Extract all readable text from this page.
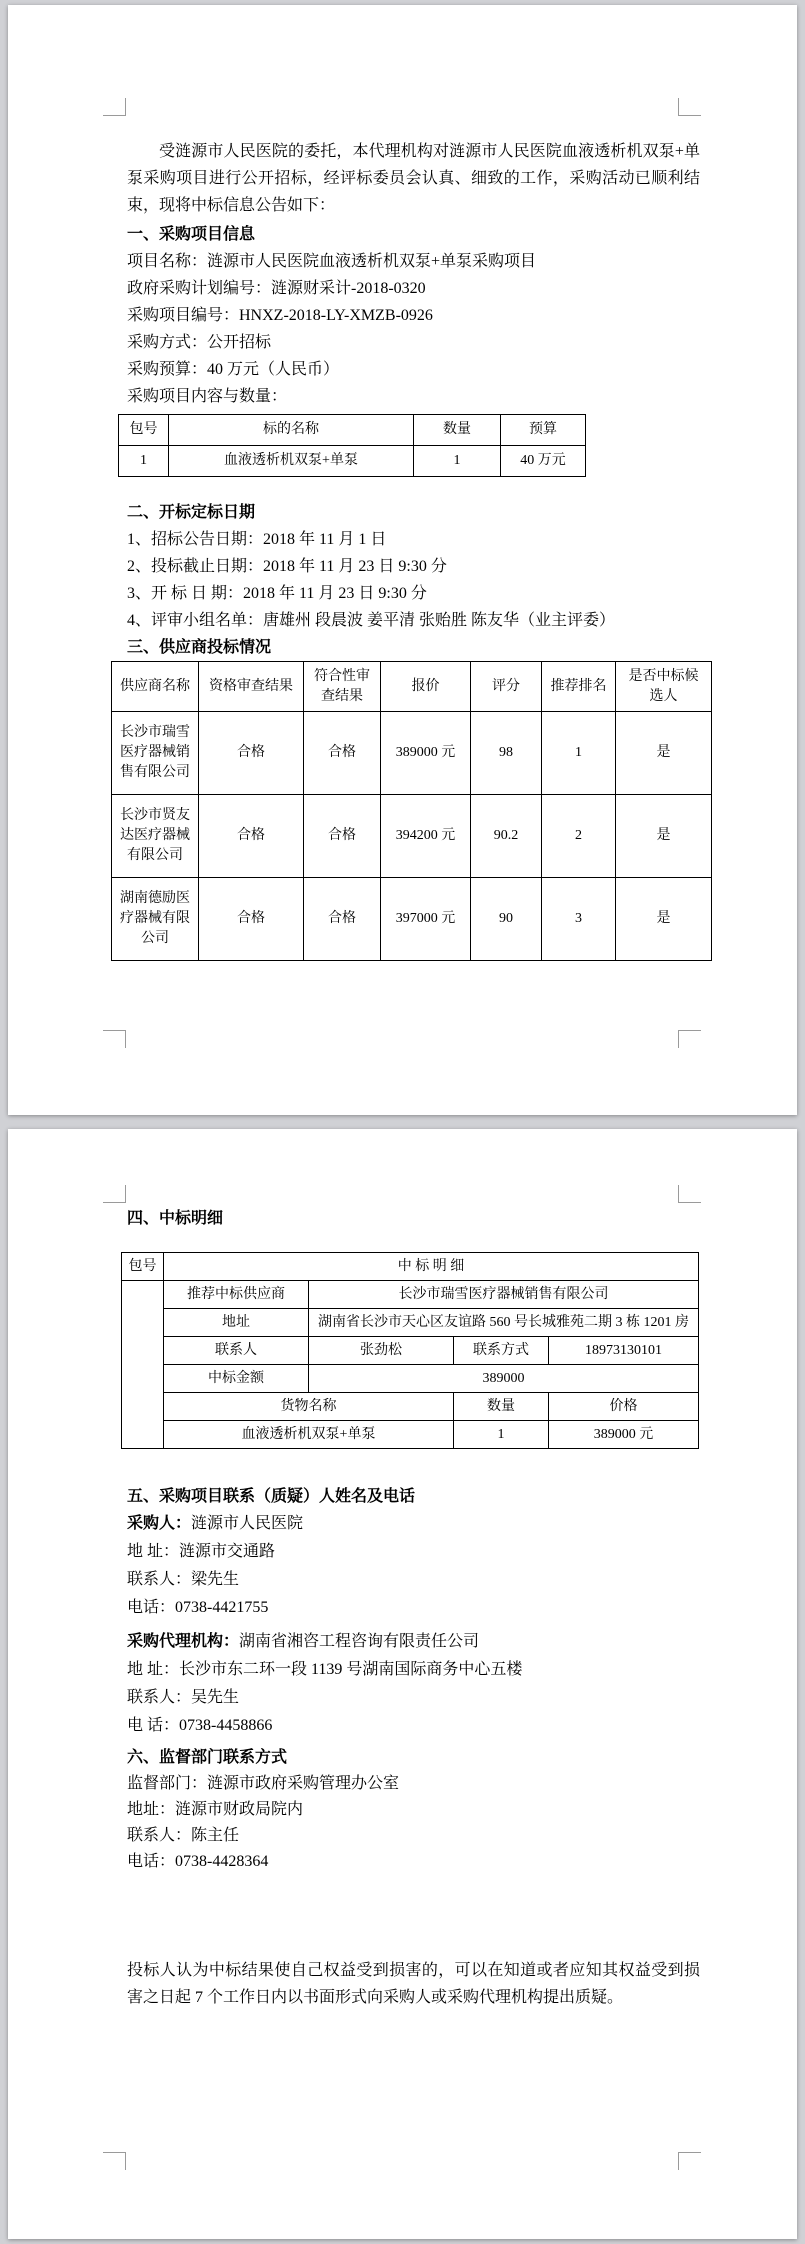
受涟源市人民医院的委托，本代理机构对涟源市人民医院血液透析机双泵+单泵采购项目进行公开招标，经评标委员会认真、细致的工作，采购活动已顺利结束，现将中标信息公告如下：

一、采购项目信息
项目名称：涟源市人民医院血液透析机双泵+单泵采购项目
政府采购计划编号：涟源财采计-2018-0320
采购项目编号：HNXZ-2018-LY-XMZB-0926
采购方式：公开招标
采购预算：40 万元（人民币）
采购项目内容与数量：
包号	标的名称	数量	预算
1	血液透析机双泵+单泵	1	40 万元
二、开标定标日期
1、招标公告日期：2018 年 11 月 1 日
2、投标截止日期：2018 年 11 月 23 日 9:30 分
3、开 标 日 期：2018 年 11 月 23 日 9:30 分
4、评审小组名单：唐雄州 段晨波 姜平清 张贻胜 陈友华（业主评委）
三、供应商投标情况
供应商名称	资格审查结果	符合性审查结果	报价	评分	推荐排名	是否中标候选人
长沙市瑞雪医疗器械销售有限公司	合格	合格	389000 元	98	1	是
长沙市贤友达医疗器械有限公司	合格	合格	394200 元	90.2	2	是
湖南德励医疗器械有限公司	合格	合格	397000 元	90	3	是
四、中标明细
包号	中 标 明 细			
	推荐中标供应商	长沙市瑞雪医疗器械销售有限公司		
	地址	湖南省长沙市天心区友谊路 560 号长城雅苑二期 3 栋 1201 房		
	联系人	张劲松	联系方式	18973130101
	中标金额	389000		
	货物名称		数量	价格
	血液透析机双泵+单泵		1	389000 元
五、采购项目联系（质疑）人姓名及电话
采购人：涟源市人民医院
地 址：涟源市交通路
联系人：梁先生
电话：0738-4421755
采购代理机构：湖南省湘咨工程咨询有限责任公司
地 址：长沙市东二环一段 1139 号湖南国际商务中心五楼
联系人：吴先生
电 话：0738-4458866
六、监督部门联系方式
监督部门：涟源市政府采购管理办公室
地址：涟源市财政局院内
联系人：陈主任
电话：0738-4428364

投标人认为中标结果使自己权益受到损害的，可以在知道或者应知其权益受到损害之日起 7 个工作日内以书面形式向采购人或采购代理机构提出质疑。
